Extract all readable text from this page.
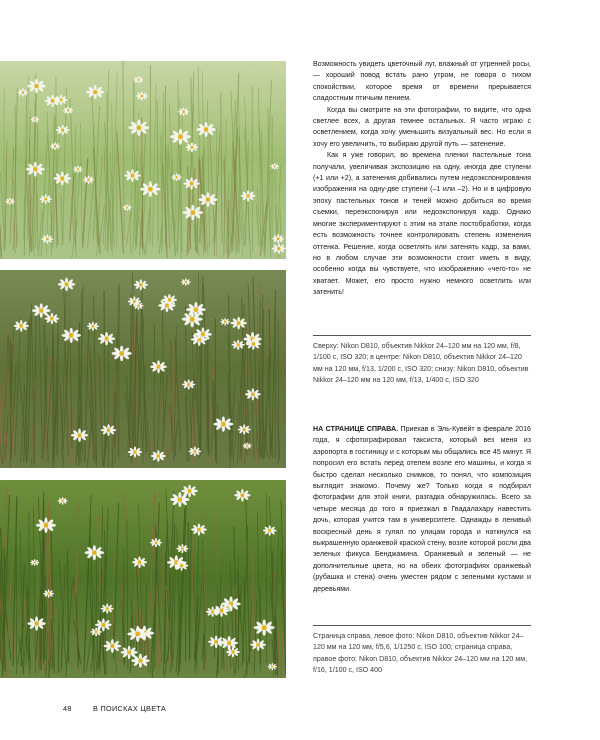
Возможность увидеть цветочный луг, влажный от утренней росы, — хороший повод встать рано утром, не говоря о тихом спокойствии, которое время от времени прерывается сладостным птичьим пением.

Когда вы смотрите на эти фотографии, то видите, что одна светлее всех, а другая темнее остальных. Я часто играю с осветлением, когда хочу уменьшить визуальный вес. Но если я хочу его увеличить, то выбираю другой путь — затенение.

Как я уже говорил, во времена пленки пастельные тона получали, увеличивая экспозицию на одну, иногда две ступени (+1 или +2), а затенения добивались путем недоэкспонирования изображения на одну-две ступени (–1 или –2). Но и в цифровую эпоху пастельных тонов и теней можно добиться во время съемки, переэкспонируя или недоэкспонируя кадр. Однако многие экспериментируют с этим на этапе постобработки, когда есть возможность точнее контролировать степень изменения оттенка. Решение, когда осветлять или затенять кадр, за вами, но в любом случае эти возможности стоит иметь в виду, особенно когда вы чувствуете, что изображению «чего-то» не хватает. Может, его просто нужно немного осветлить или затенить!

Сверху: Nikon D810, объектив Nikkor 24–120 мм на 120 мм, f/8, 1/100 с, ISO 320; в центре: Nikon D810, объектив Nikkor 24–120 мм на 120 мм, f/13, 1/200 с, ISO 320; снизу: Nikon D810, объектив Nikkor 24–120 мм на 120 мм, f/13, 1/400 с, ISO 320

НА СТРАНИЦЕ СПРАВА. Приехав в Эль-Кувейт в феврале 2016 года, я сфотографировал таксиста, который вез меня из аэропорта в гостиницу и с которым мы общались все 45 минут. Я попросил его встать перед отелем возле его машины, и когда я быстро сделал несколько снимков, то понял, что композиция выглядит знакомо. Почему же? Только когда я подбирал фотографии для этой книги, разгадка обнаружилась. Всего за четыре месяца до того я приезжал в Гвадалахару навестить дочь, которая учится там в университете. Однажды в ленивый воскресный день я гулял по улицам города и наткнулся на выкрашенную оранжевой краской стену, возле которой росли два зеленых фикуса Бенджамина. Оранжевый и зеленый — не дополнительные цвета, но на обеих фотографиях оранжевый (рубашка и стена) очень уместен рядом с зелеными кустами и деревьями.

Страница справа, левое фото: Nikon D810, объектив Nikkor 24–120 мм на 120 мм, f/5,6, 1/1250 с, ISO 100; страница справа, правое фото: Nikon D810, объектив Nikkor 24–120 мм на 120 мм, f/16, 1/100 с, ISO 400

48	В ПОИСКАХ ЦВЕТА
